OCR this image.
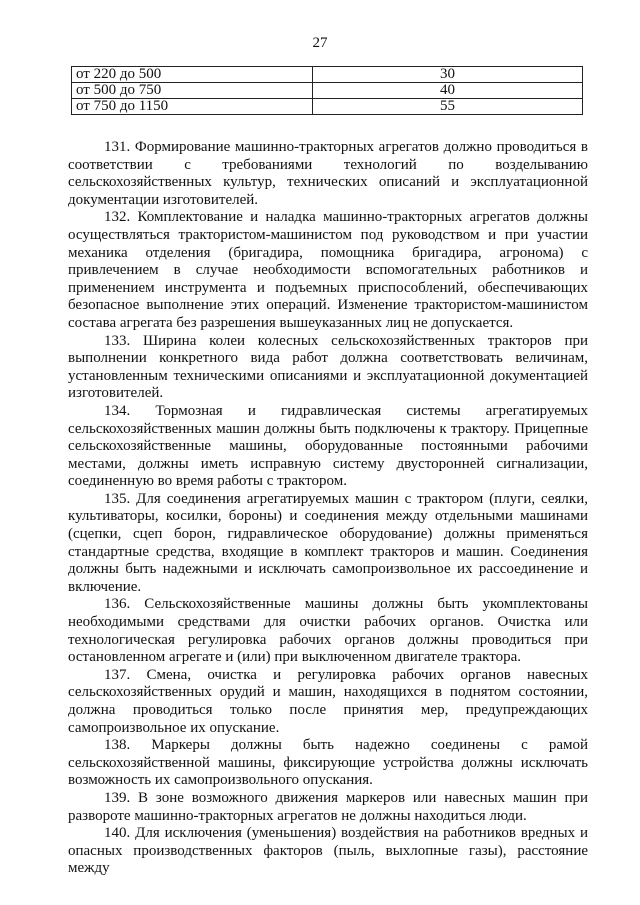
27
от 220 до 500	30
от 500 до 750	40
от 750 до 1150	55

131. Формирование машинно-тракторных агрегатов должно проводиться в соответствии с требованиями технологий по возделыванию сельскохозяйственных культур, технических описаний и эксплуатационной документации изготовителей.

132. Комплектование и наладка машинно-тракторных агрегатов должны осуществляться трактористом-машинистом под руководством и при участии механика отделения (бригадира, помощника бригадира, агронома) с привлечением в случае необходимости вспомогательных работников и применением инструмента и подъемных приспособлений, обеспечивающих безопасное выполнение этих операций. Изменение трактористом-машинистом состава агрегата без разрешения вышеуказанных лиц не допускается.

133. Ширина колеи колесных сельскохозяйственных тракторов при выполнении конкретного вида работ должна соответствовать величинам, установленным техническими описаниями и эксплуатационной документацией изготовителей.

134. Тормозная и гидравлическая системы агрегатируемых сельскохозяйственных машин должны быть подключены к трактору. Прицепные сельскохозяйственные машины, оборудованные постоянными рабочими местами, должны иметь исправную систему двусторонней сигнализации, соединенную во время работы с трактором.

135. Для соединения агрегатируемых машин с трактором (плуги, сеялки, культиваторы, косилки, бороны) и соединения между отдельными машинами (сцепки, сцеп борон, гидравлическое оборудование) должны применяться стандартные средства, входящие в комплект тракторов и машин. Соединения должны быть надежными и исключать самопроизвольное их рассоединение и включение.

136. Сельскохозяйственные машины должны быть укомплектованы необходимыми средствами для очистки рабочих органов. Очистка или технологическая регулировка рабочих органов должны проводиться при остановленном агрегате и (или) при выключенном двигателе трактора.

137. Смена, очистка и регулировка рабочих органов навесных сельскохозяйственных орудий и машин, находящихся в поднятом состоянии, должна проводиться только после принятия мер, предупреждающих самопроизвольное их опускание.

138. Маркеры должны быть надежно соединены с рамой сельскохозяйственной машины, фиксирующие устройства должны исключать возможность их самопроизвольного опускания.

139. В зоне возможного движения маркеров или навесных машин при развороте машинно-тракторных агрегатов не должны находиться люди.

140. Для исключения (уменьшения) воздействия на работников вредных и опасных производственных факторов (пыль, выхлопные газы), расстояние между
